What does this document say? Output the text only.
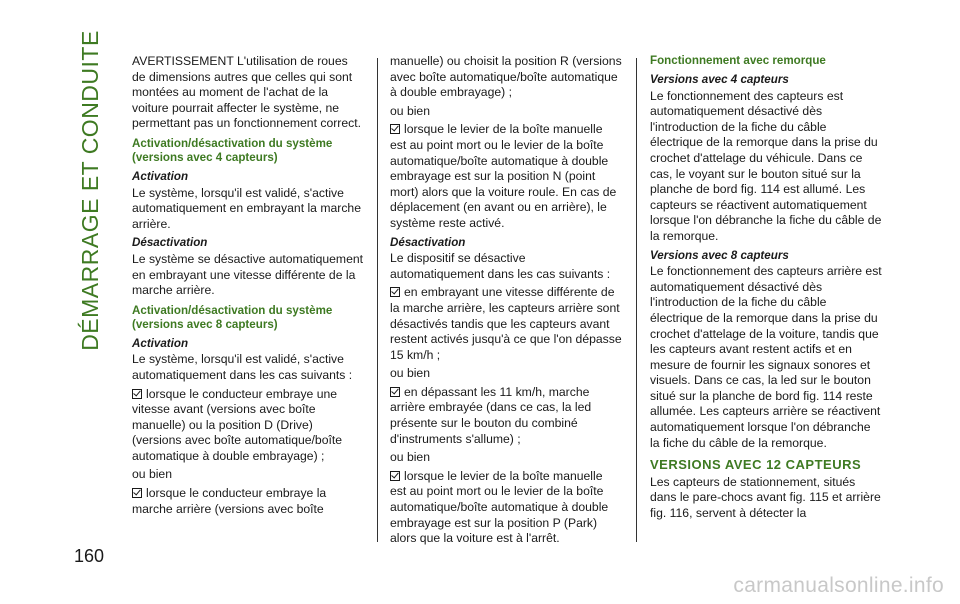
DÉMARRAGE ET CONDUITE
160
AVERTISSEMENT L'utilisation de roues de dimensions autres que celles qui sont montées au moment de l'achat de la voiture pourrait affecter le système, ne permettant pas un fonctionnement correct.
Activation/désactivation du système (versions avec 4 capteurs)
Activation
Le système, lorsqu'il est validé, s'active automatiquement en embrayant la marche arrière.
Désactivation
Le système se désactive automatiquement en embrayant une vitesse différente de la marche arrière.
Activation/désactivation du système (versions avec 8 capteurs)
Activation
Le système, lorsqu'il est validé, s'active automatiquement dans les cas suivants :
lorsque le conducteur embraye une vitesse avant (versions avec boîte manuelle) ou la position D (Drive) (versions avec boîte automatique/boîte automatique à double embrayage) ;
ou bien
lorsque le conducteur embraye la marche arrière (versions avec boîte
manuelle) ou choisit la position R (versions avec boîte automatique/boîte automatique à double embrayage) ;
ou bien
lorsque le levier de la boîte manuelle est au point mort ou le levier de la boîte automatique/boîte automatique à double embrayage est sur la position N (point mort) alors que la voiture roule. En cas de déplacement (en avant ou en arrière), le système reste activé.
Désactivation
Le dispositif se désactive automatiquement dans les cas suivants :
en embrayant une vitesse différente de la marche arrière, les capteurs arrière sont désactivés tandis que les capteurs avant restent activés jusqu'à ce que l'on dépasse 15 km/h ;
ou bien
en dépassant les 11 km/h, marche arrière embrayée (dans ce cas, la led présente sur le bouton du combiné d'instruments s'allume) ;
ou bien
lorsque le levier de la boîte manuelle est au point mort ou le levier de la boîte automatique/boîte automatique à double embrayage est sur la position P (Park) alors que la voiture est à l'arrêt.
Fonctionnement avec remorque
Versions avec 4 capteurs
Le fonctionnement des capteurs est automatiquement désactivé dès l'introduction de la fiche du câble électrique de la remorque dans la prise du crochet d'attelage du véhicule. Dans ce cas, le voyant sur le bouton situé sur la planche de bord fig. 114 est allumé. Les capteurs se réactivent automatiquement lorsque l'on débranche la fiche du câble de la remorque.
Versions avec 8 capteurs
Le fonctionnement des capteurs arrière est automatiquement désactivé dès l'introduction de la fiche du câble électrique de la remorque dans la prise du crochet d'attelage de la voiture, tandis que les capteurs avant restent actifs et en mesure de fournir les signaux sonores et visuels. Dans ce cas, la led sur le bouton situé sur la planche de bord fig. 114 reste allumée. Les capteurs arrière se réactivent automatiquement lorsque l'on débranche la fiche du câble de la remorque.
VERSIONS AVEC 12 CAPTEURS
Les capteurs de stationnement, situés dans le pare-chocs avant fig. 115 et arrière fig. 116, servent à détecter la
carmanualsonline.info
